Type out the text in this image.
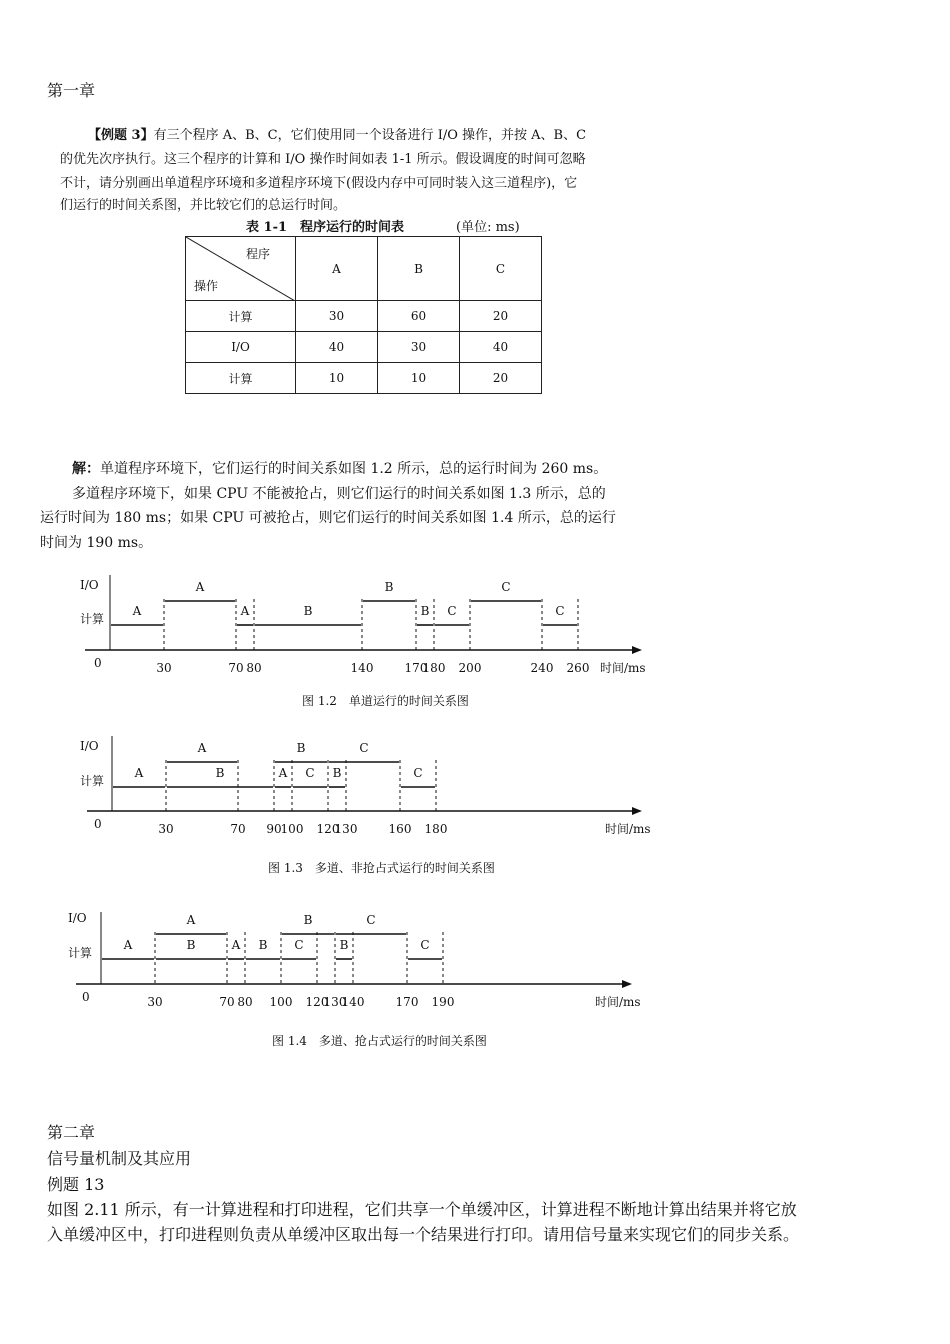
第一章
【例题 3】有三个程序 A、B、C，它们使用同一个设备进行 I/O 操作，并按 A、B、C
的优先次序执行。这三个程序的计算和 I/O 操作时间如表 1-1 所示。假设调度的时间可忽略
不计，请分别画出单道程序环境和多道程序环境下(假设内存中可同时装入这三道程序)，它
们运行的时间关系图，并比较它们的总运行时间。
表 1-1　程序运行的时间表	(单位: ms)
程序
操作	A	B	C
计算	30	60	20
I/O	40	30	40
计算	10	10	20
解：单道程序环境下，它们运行的时间关系如图 1.2 所示，总的运行时间为 260 ms。
多道程序环境下，如果 CPU 不能被抢占，则它们运行的时间关系如图 1.3 所示，总的
运行时间为 180 ms；如果 CPU 可被抢占，则它们运行的时间关系如图 1.4 所示，总的运行
时间为 190 ms。
I/O
计算
0	30	70 80	140	170
180 200	240 260 时间/ms
A
A
A	B
B
B C
C
C
图 1.2　单道运行的时间关系图
I/O
计算
0	30	70 90
100 120
130	160 180	时间/ms
A
A
B	A
B
C B
C
C
图 1.3　多道、非抢占式运行的时间关系图
I/O
计算
0	30	70 80 100 120
130
140	170 190	时间/ms
A
A
B	A B
B
C	B
C
C
图 1.4　多道、抢占式运行的时间关系图
第二章
信号量机制及其应用
例题 13
如图 2.11 所示，有一计算进程和打印进程，它们共享一个单缓冲区，计算进程不断地计算出结果并将它放
入单缓冲区中，打印进程则负责从单缓冲区取出每一个结果进行打印。请用信号量来实现它们的同步关系。
